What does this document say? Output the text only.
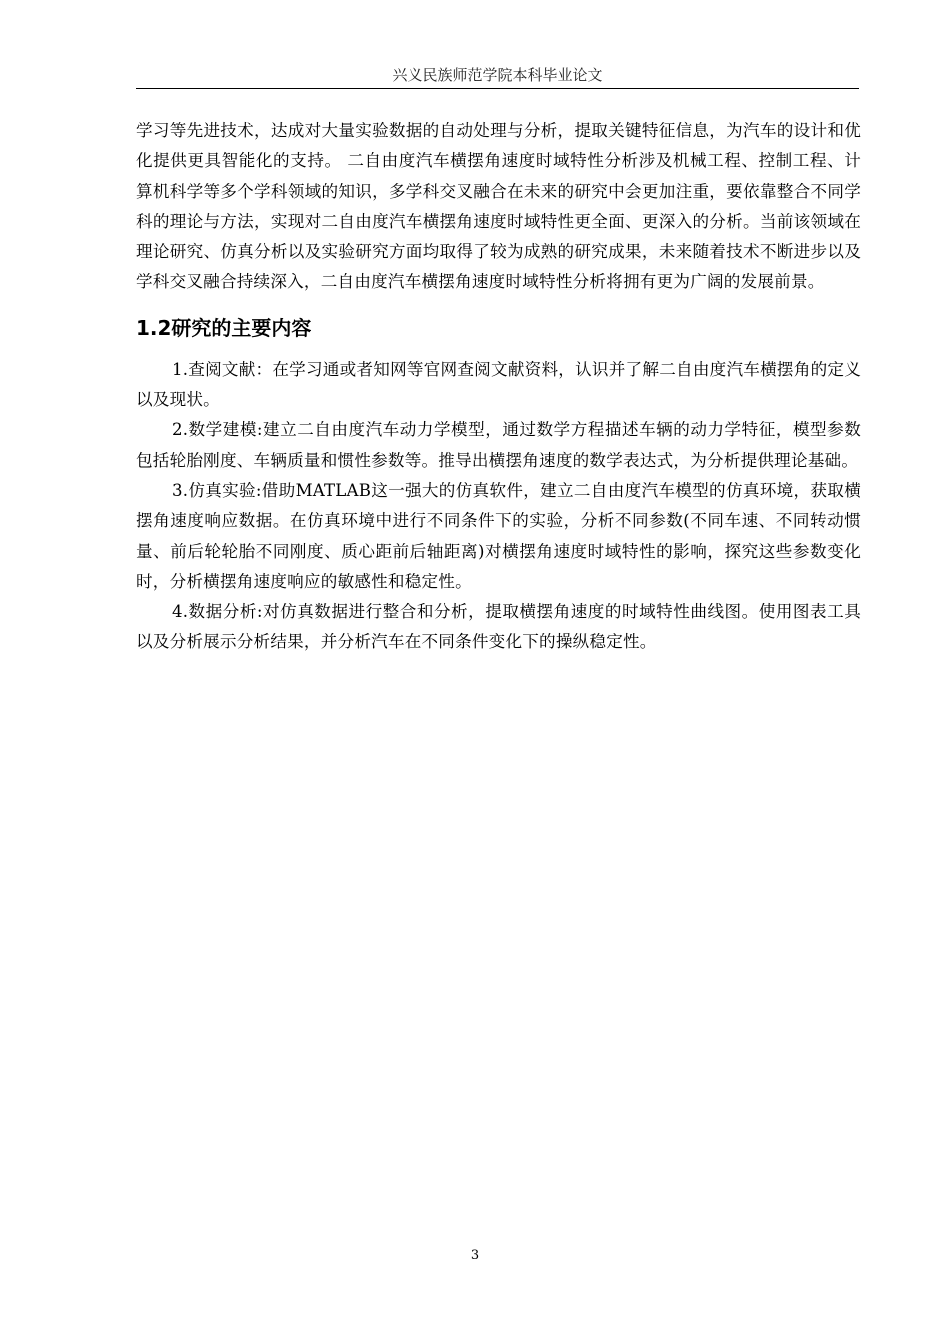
兴义民族师范学院本科毕业论文

学习等先进技术，达成对大量实验数据的自动处理与分析，提取关键特征信息，为汽车的设计和优化提供更具智能化的支持。 二自由度汽车横摆角速度时域特性分析涉及机械工程、控制工程、计算机科学等多个学科领域的知识，多学科交叉融合在未来的研究中会更加注重，要依靠整合不同学科的理论与方法，实现对二自由度汽车横摆角速度时域特性更全面、更深入的分析。当前该领域在理论研究、仿真分析以及实验研究方面均取得了较为成熟的研究成果，未来随着技术不断进步以及学科交叉融合持续深入，二自由度汽车横摆角速度时域特性分析将拥有更为广阔的发展前景。

1.2研究的主要内容

1.查阅文献：在学习通或者知网等官网查阅文献资料，认识并了解二自由度汽车横摆角的定义以及现状。

2.数学建模:建立二自由度汽车动力学模型，通过数学方程描述车辆的动力学特征，模型参数包括轮胎刚度、车辆质量和惯性参数等。推导出横摆角速度的数学表达式，为分析提供理论基础。

3.仿真实验:借助MATLAB这一强大的仿真软件，建立二自由度汽车模型的仿真环境，获取横摆角速度响应数据。在仿真环境中进行不同条件下的实验，分析不同参数(不同车速、不同转动惯量、前后轮轮胎不同刚度、质心距前后轴距离)对横摆角速度时域特性的影响，探究这些参数变化时，分析横摆角速度响应的敏感性和稳定性。

4.数据分析:对仿真数据进行整合和分析，提取横摆角速度的时域特性曲线图。使用图表工具以及分析展示分析结果，并分析汽车在不同条件变化下的操纵稳定性。

3
